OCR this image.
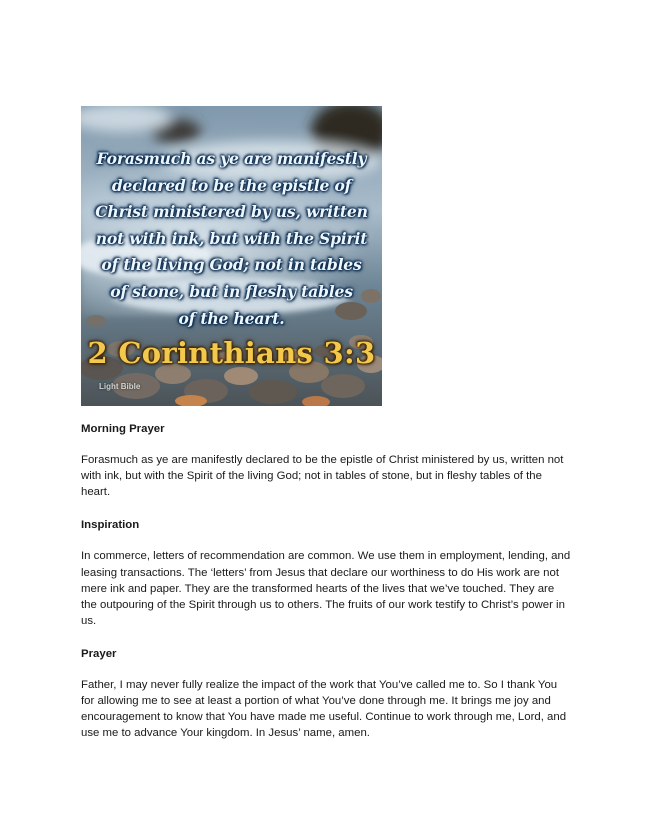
Forasmuch as ye are manifestly
declared to be the epistle of
Christ ministered by us, written
not with ink, but with the Spirit
of the living God; not in tables
of stone, but in fleshy tables
of the heart.
2 Corinthians 3:3
Light Bible

Morning Prayer

Forasmuch as ye are manifestly declared to be the epistle of Christ ministered by us, written not with ink, but with the Spirit of the living God; not in tables of stone, but in fleshy tables of the heart.

Inspiration

In commerce, letters of recommendation are common. We use them in employment, lending, and leasing transactions. The ‘letters’ from Jesus that declare our worthiness to do His work are not mere ink and paper. They are the transformed hearts of the lives that we’ve touched. They are the outpouring of the Spirit through us to others. The fruits of our work testify to Christ’s power in us.

Prayer

Father, I may never fully realize the impact of the work that You’ve called me to. So I thank You for allowing me to see at least a portion of what You’ve done through me. It brings me joy and encouragement to know that You have made me useful. Continue to work through me, Lord, and use me to advance Your kingdom. In Jesus’ name, amen.
